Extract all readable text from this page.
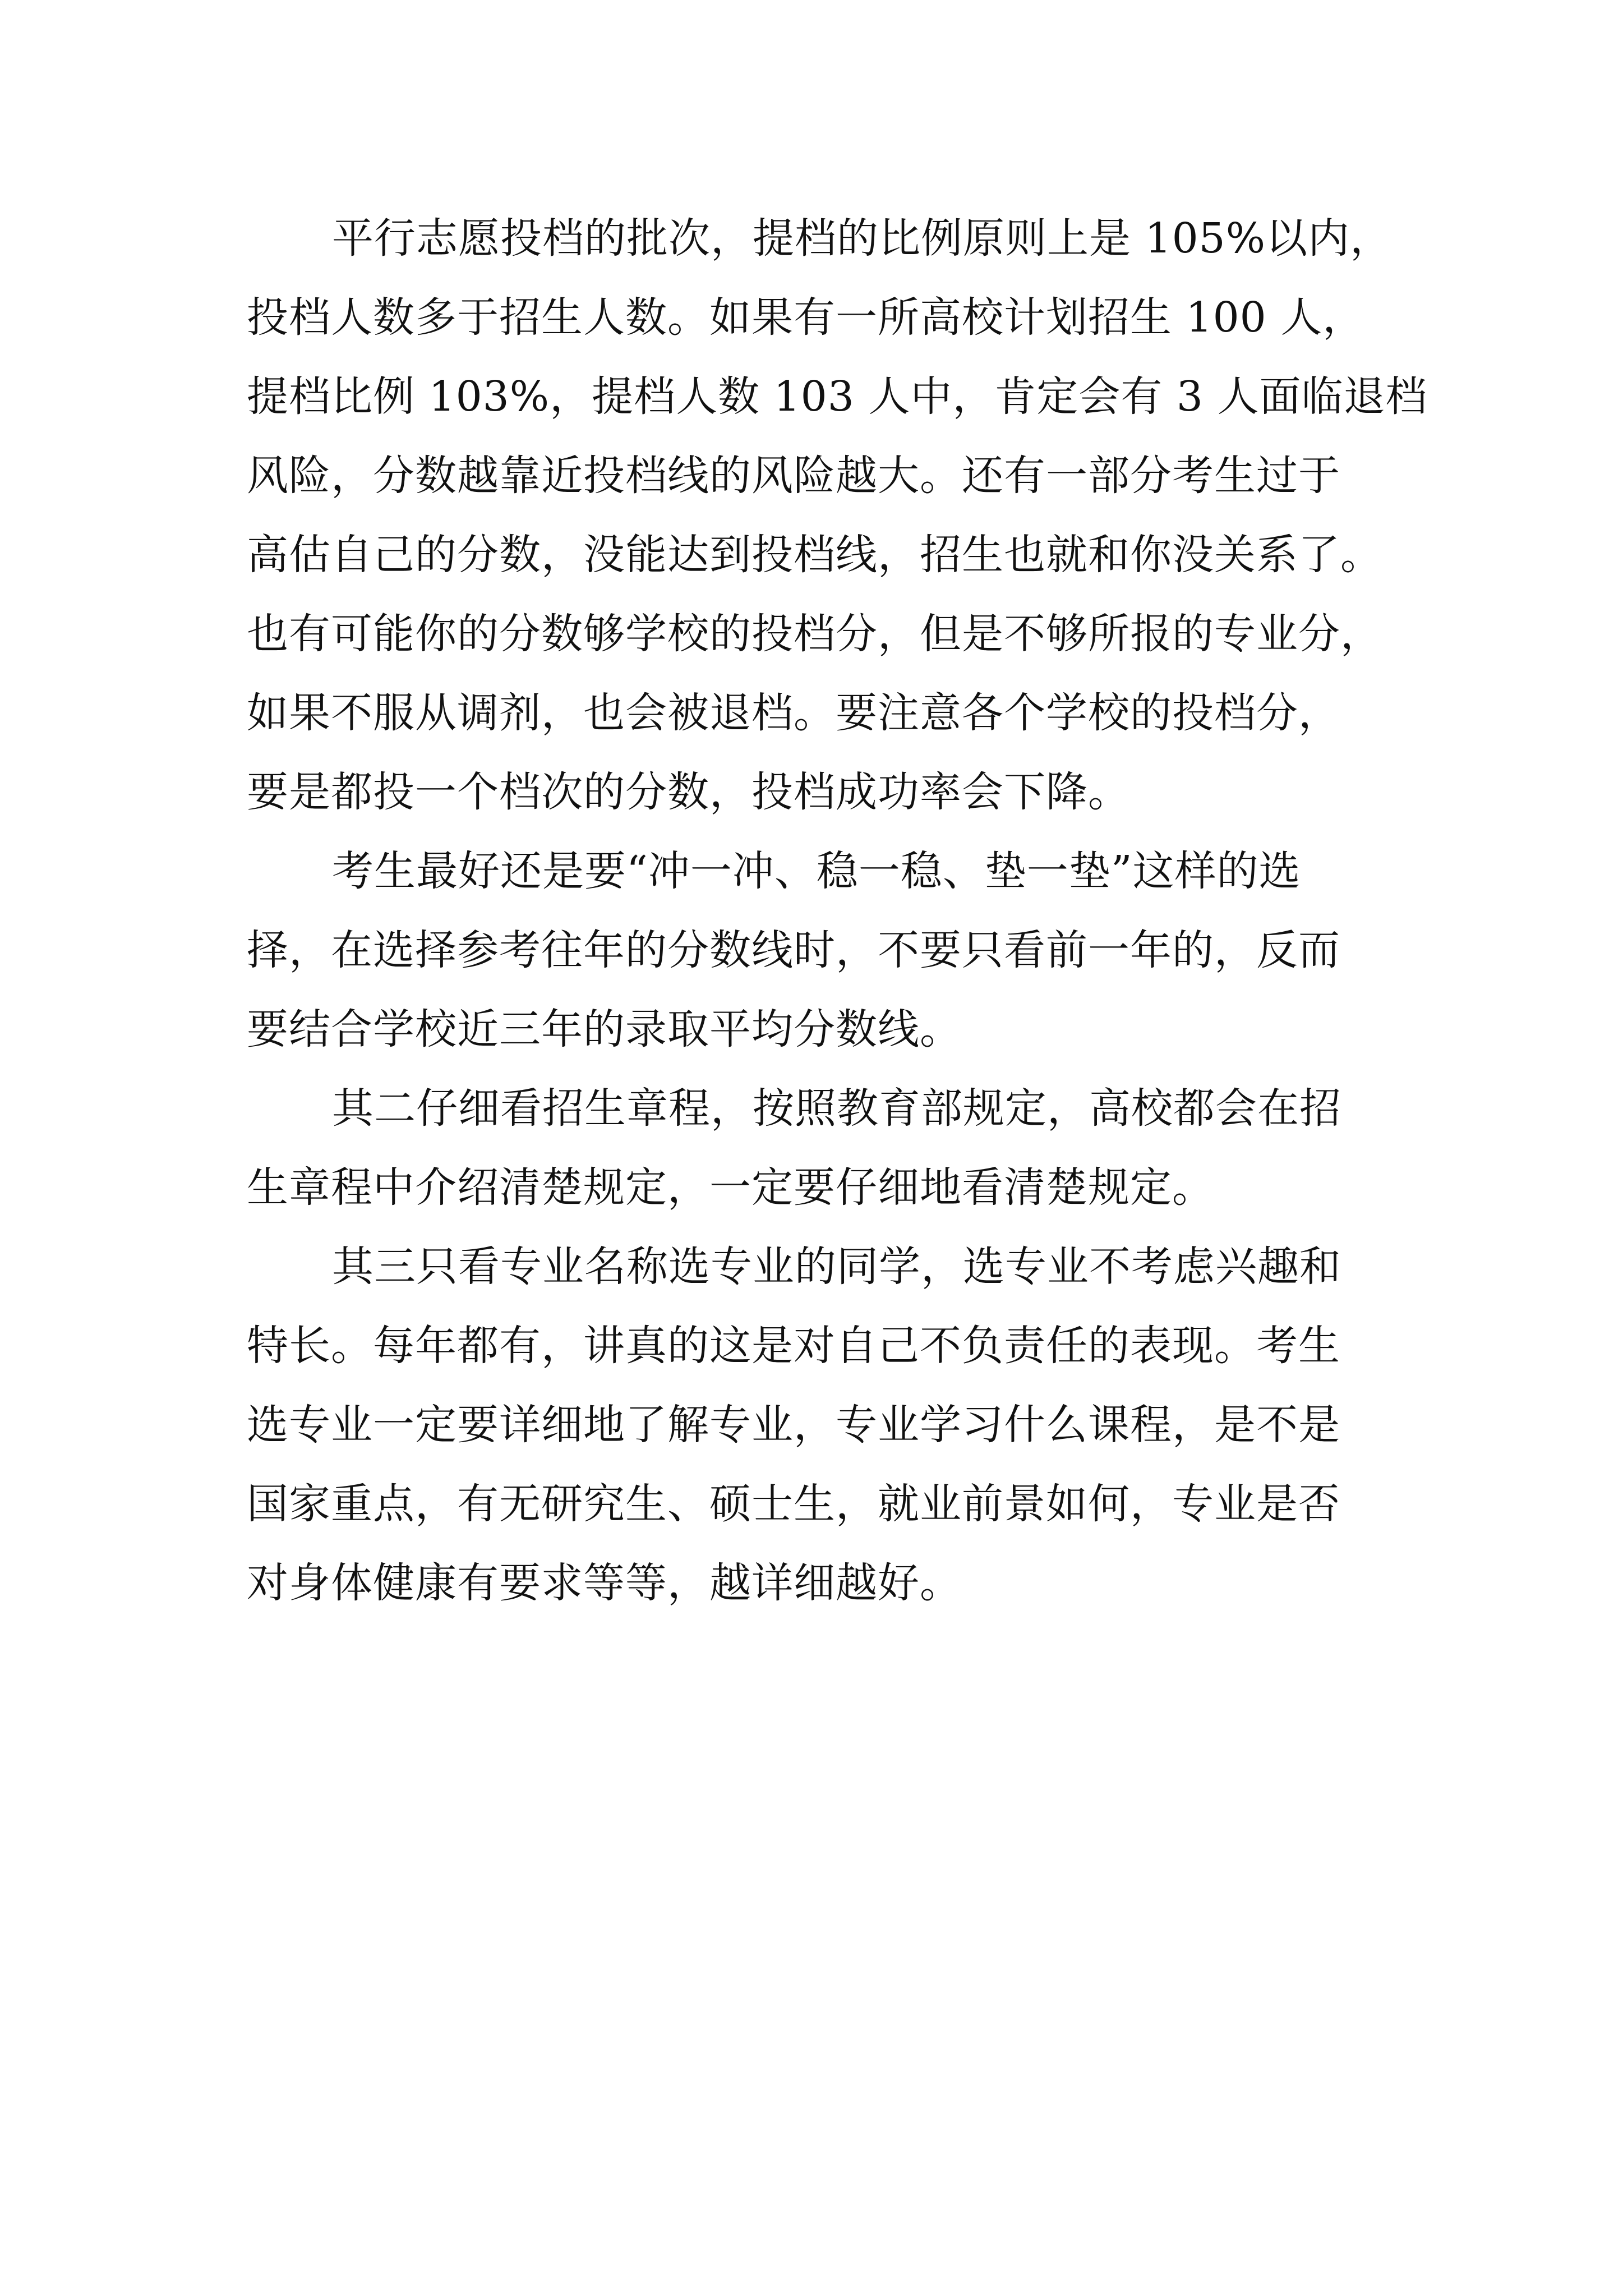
平行志愿投档的批次，提档的比例原则上是 105%以内，
投档人数多于招生人数。如果有一所高校计划招生 100 人，
提档比例 103%，提档人数 103 人中，肯定会有 3 人面临退档
风险，分数越靠近投档线的风险越大。还有一部分考生过于
高估自己的分数，没能达到投档线，招生也就和你没关系了。
也有可能你的分数够学校的投档分，但是不够所报的专业分，
如果不服从调剂，也会被退档。要注意各个学校的投档分，
要是都投一个档次的分数，投档成功率会下降。

考生最好还是要“冲一冲、稳一稳、垫一垫”这样的选
择，在选择参考往年的分数线时，不要只看前一年的，反而
要结合学校近三年的录取平均分数线。

其二仔细看招生章程，按照教育部规定，高校都会在招
生章程中介绍清楚规定，一定要仔细地看清楚规定。

其三只看专业名称选专业的同学，选专业不考虑兴趣和
特长。每年都有，讲真的这是对自己不负责任的表现。考生
选专业一定要详细地了解专业，专业学习什么课程，是不是
国家重点，有无研究生、硕士生，就业前景如何，专业是否
对身体健康有要求等等，越详细越好。
